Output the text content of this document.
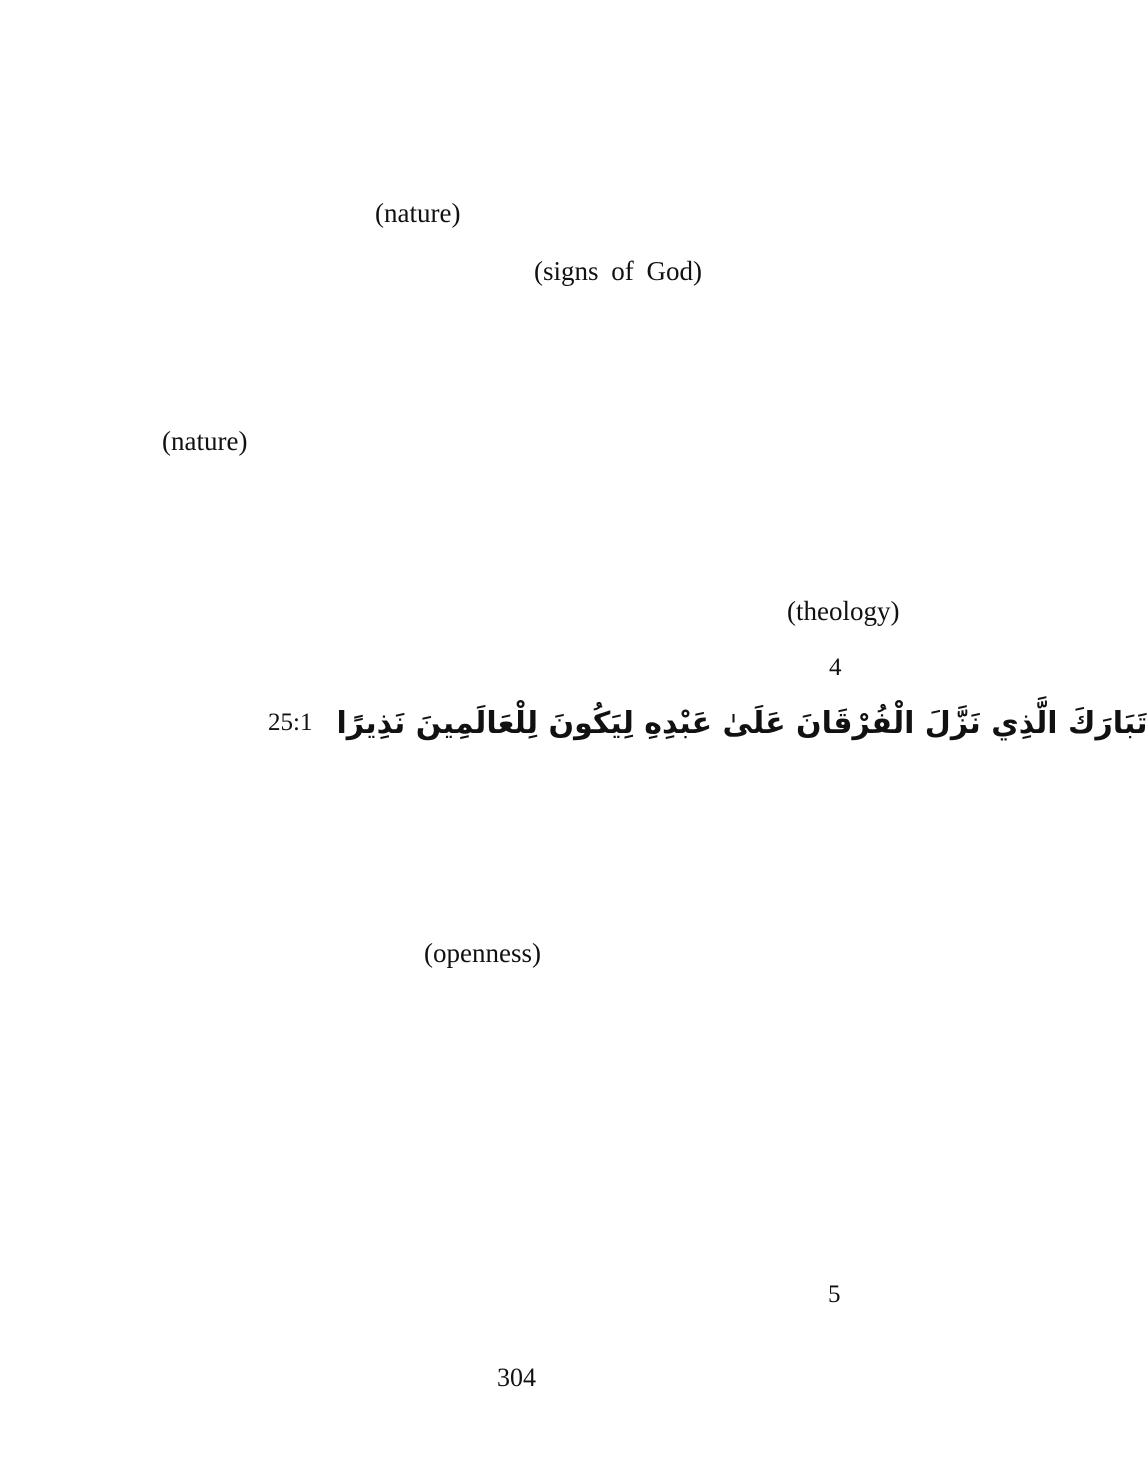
(nature)
(signs of God)
(nature)
(theology)
4
25:1 تَبَارَكَ الَّذِي نَزَّلَ الْفُرْقَانَ عَلَىٰ عَبْدِهِ لِيَكُونَ لِلْعَالَمِينَ نَذِيرًا
(openness)
5
304
